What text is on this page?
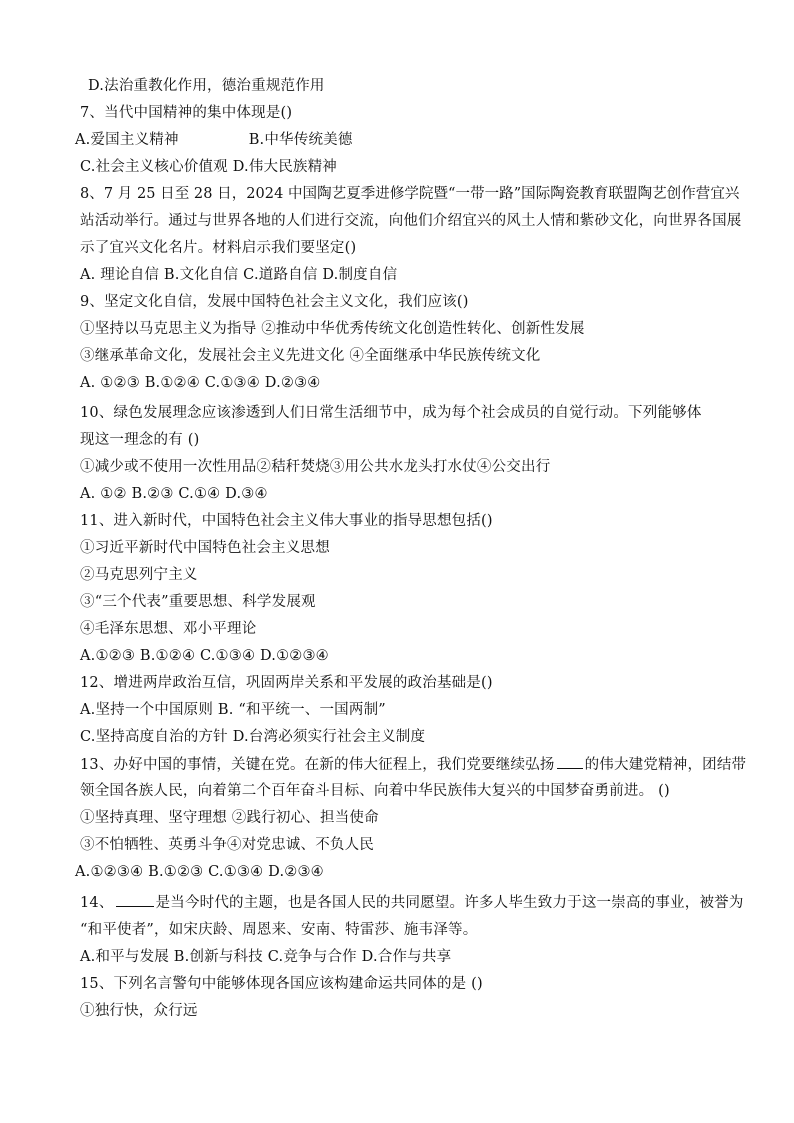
D.法治重教化作用，德治重规范作用
7、当代中国精神的集中体现是()
A.爱国主义精神	B.中华传统美德
C.社会主义核心价值观 D.伟大民族精神
8、7 月 25 日至 28 日，2024 中国陶艺夏季进修学院暨“一带一路”国际陶瓷教育联盟陶艺创作营宜兴
站活动举行。通过与世界各地的人们进行交流，向他们介绍宜兴的风土人情和紫砂文化，向世界各国展
示了宜兴文化名片。材料启示我们要坚定()
A. 理论自信 B.文化自信 C.道路自信 D.制度自信
9、坚定文化自信，发展中国特色社会主义文化，我们应该()
①坚持以马克思主义为指导 ②推动中华优秀传统文化创造性转化、创新性发展
③继承革命文化，发展社会主义先进文化 ④全面继承中华民族传统文化
A. ①②③ B.①②④ C.①③④ D.②③④
10、绿色发展理念应该渗透到人们日常生活细节中，成为每个社会成员的自觉行动。下列能够体
现这一理念的有 ()
①减少或不使用一次性用品②秸秆焚烧③用公共水龙头打水仗④公交出行
A. ①② B.②③ C.①④ D.③④
11、进入新时代，中国特色社会主义伟大事业的指导思想包括()
①习近平新时代中国特色社会主义思想
②马克思列宁主义
③“三个代表”重要思想、科学发展观
④毛泽东思想、邓小平理论
A.①②③ B.①②④ C.①③④ D.①②③④
12、增进两岸政治互信，巩固两岸关系和平发展的政治基础是()
A.坚持一个中国原则 B. “和平统一、一国两制”
C.坚持高度自治的方针 D.台湾必须实行社会主义制度
13、办好中国的事情，关键在党。在新的伟大征程上，我们党要继续弘扬 的伟大建党精神，团结带
领全国各族人民，向着第二个百年奋斗目标、向着中华民族伟大复兴的中国梦奋勇前进。 ()
①坚持真理、坚守理想 ②践行初心、担当使命
③不怕牺牲、英勇斗争④对党忠诚、不负人民
A.①②③④ B.①②③ C.①③④ D.②③④
14、	是当今时代的主题，也是各国人民的共同愿望。许多人毕生致力于这一崇高的事业，被誉为
“和平使者”，如宋庆龄、周恩来、安南、特雷莎、施韦泽等。
A.和平与发展 B.创新与科技 C.竞争与合作 D.合作与共享
15、下列名言警句中能够体现各国应该构建命运共同体的是 ()
①独行快，众行远
